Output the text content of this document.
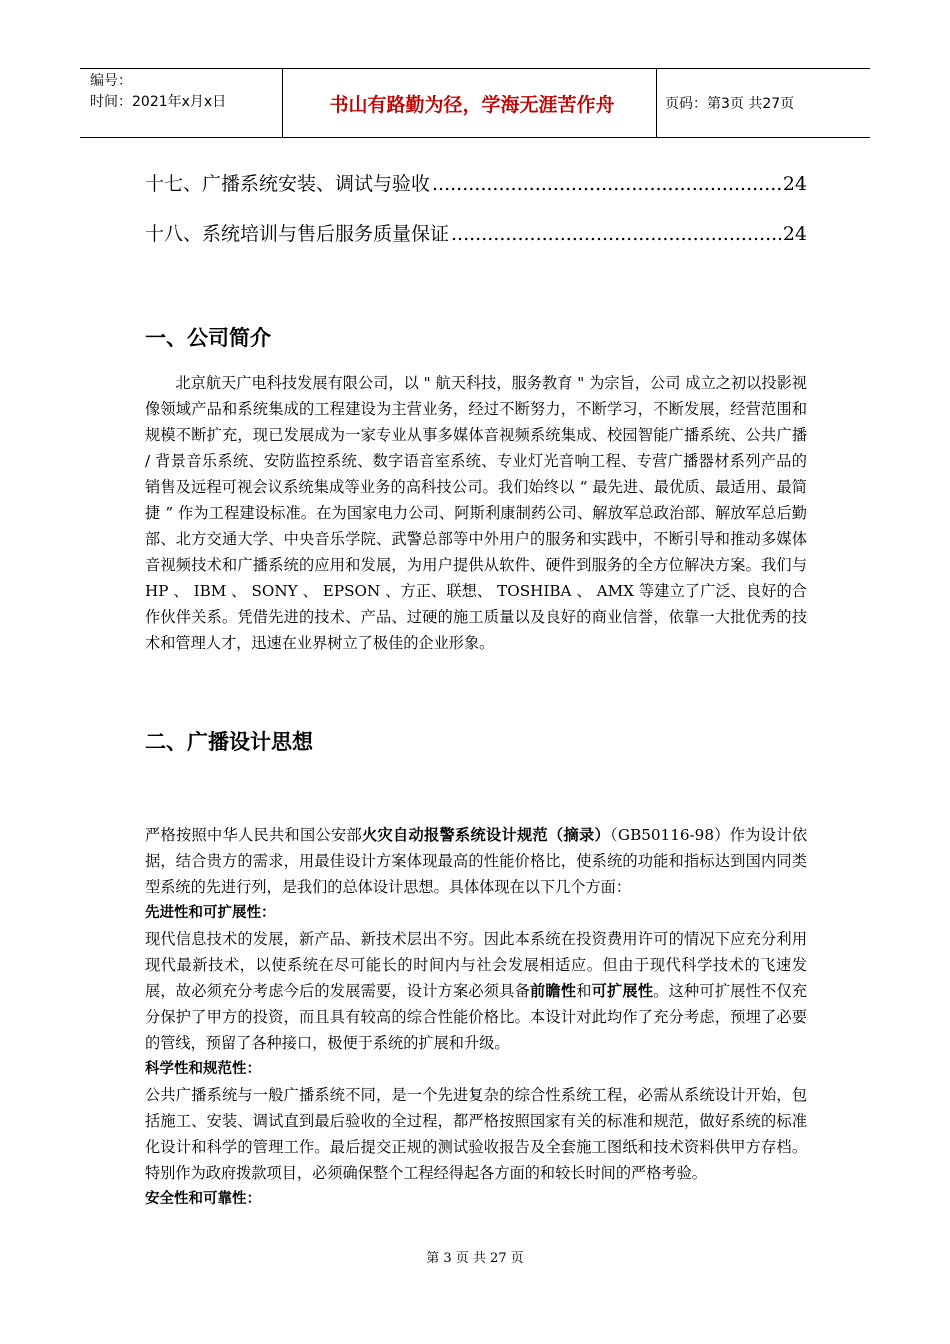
编号：
时间：2021年x月x日	书山有路勤为径，学海无涯苦作舟	页码：第3页 共27页
十七、广播系统安装、调试与验收 .....	24
十八、系统培训与售后服务质量保证 .....	24
一、公司简介

北京航天广电科技发展有限公司，以 " 航天科技，服务教育 " 为宗旨，公司 成立之初以投影视像领域产品和系统集成的工程建设为主营业务，经过不断努力，不断学习，不断发展，经营范围和规模不断扩充，现已发展成为一家专业从事多媒体音视频系统集成、校园智能广播系统、公共广播 / 背景音乐系统、安防监控系统、数字语音室系统、专业灯光音响工程、专营广播器材系列产品的销售及远程可视会议系统集成等业务的高科技公司。我们始终以 “ 最先进、最优质、最适用、最简捷 ” 作为工程建设标准。在为国家电力公司、阿斯利康制药公司、解放军总政治部、解放军总后勤部、北方交通大学、中央音乐学院、武警总部等中外用户的服务和实践中，不断引导和推动多媒体音视频技术和广播系统的应用和发展，为用户提供从软件、硬件到服务的全方位解决方案。我们与 HP 、 IBM 、 SONY 、 EPSON 、方正、联想、 TOSHIBA 、 AMX 等建立了广泛、良好的合作伙伴关系。凭借先进的技术、产品、过硬的施工质量以及良好的商业信誉，依靠一大批优秀的技术和管理人才，迅速在业界树立了极佳的企业形象。

二、广播设计思想

严格按照中华人民共和国公安部火灾自动报警系统设计规范（摘录）（GB50116-98）作为设计依据，结合贵方的需求，用最佳设计方案体现最高的性能价格比，使系统的功能和指标达到国内同类型系统的先进行列，是我们的总体设计思想。具体体现在以下几个方面：

先进性和可扩展性：

现代信息技术的发展，新产品、新技术层出不穷。因此本系统在投资费用许可的情况下应充分利用现代最新技术，以使系统在尽可能长的时间内与社会发展相适应。但由于现代科学技术的飞速发展，故必须充分考虑今后的发展需要，设计方案必须具备前瞻性和可扩展性。这种可扩展性不仅充分保护了甲方的投资，而且具有较高的综合性能价格比。本设计对此均作了充分考虑，预埋了必要的管线，预留了各种接口，极便于系统的扩展和升级。

科学性和规范性：

公共广播系统与一般广播系统不同，是一个先进复杂的综合性系统工程，必需从系统设计开始，包括施工、安装、调试直到最后验收的全过程，都严格按照国家有关的标准和规范，做好系统的标准化设计和科学的管理工作。最后提交正规的测试验收报告及全套施工图纸和技术资料供甲方存档。特别作为政府拨款项目，必须确保整个工程经得起各方面的和较长时间的严格考验。

安全性和可靠性：

第 3 页 共 27 页
